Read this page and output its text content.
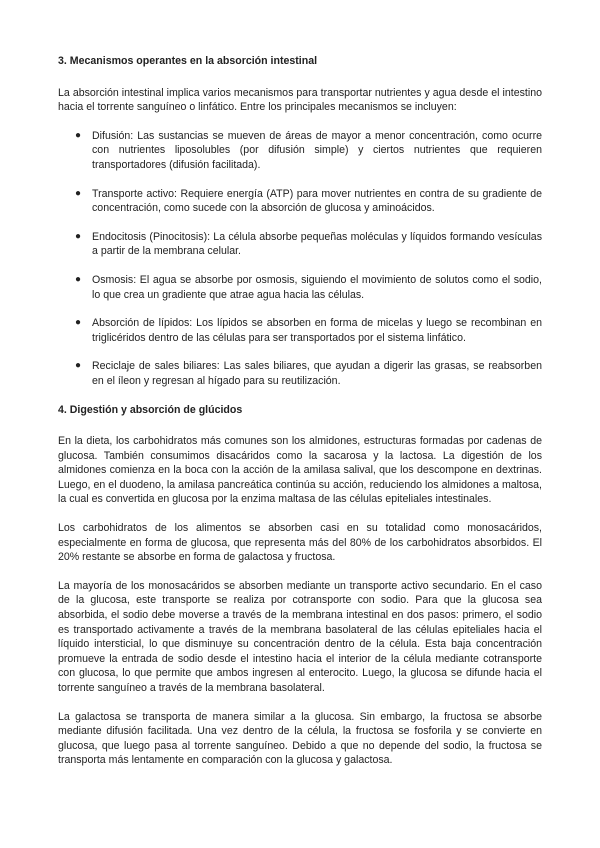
3. Mecanismos operantes en la absorción intestinal

La absorción intestinal implica varios mecanismos para transportar nutrientes y agua desde el intestino hacia el torrente sanguíneo o linfático. Entre los principales mecanismos se incluyen:

● Difusión: Las sustancias se mueven de áreas de mayor a menor concentración, como ocurre con nutrientes liposolubles (por difusión simple) y ciertos nutrientes que requieren transportadores (difusión facilitada).
● Transporte activo: Requiere energía (ATP) para mover nutrientes en contra de su gradiente de concentración, como sucede con la absorción de glucosa y aminoácidos.
● Endocitosis (Pinocitosis): La célula absorbe pequeñas moléculas y líquidos formando vesículas a partir de la membrana celular.
● Osmosis: El agua se absorbe por osmosis, siguiendo el movimiento de solutos como el sodio, lo que crea un gradiente que atrae agua hacia las células.
● Absorción de lípidos: Los lípidos se absorben en forma de micelas y luego se recombinan en triglicéridos dentro de las células para ser transportados por el sistema linfático.
● Reciclaje de sales biliares: Las sales biliares, que ayudan a digerir las grasas, se reabsorben en el íleon y regresan al hígado para su reutilización.
4. Digestión y absorción de glúcidos

En la dieta, los carbohidratos más comunes son los almidones, estructuras formadas por cadenas de glucosa. También consumimos disacáridos como la sacarosa y la lactosa. La digestión de los almidones comienza en la boca con la acción de la amilasa salival, que los descompone en dextrinas. Luego, en el duodeno, la amilasa pancreática continúa su acción, reduciendo los almidones a maltosa, la cual es convertida en glucosa por la enzima maltasa de las células epiteliales intestinales.

Los carbohidratos de los alimentos se absorben casi en su totalidad como monosacáridos, especialmente en forma de glucosa, que representa más del 80% de los carbohidratos absorbidos. El 20% restante se absorbe en forma de galactosa y fructosa.

La mayoría de los monosacáridos se absorben mediante un transporte activo secundario. En el caso de la glucosa, este transporte se realiza por cotransporte con sodio. Para que la glucosa sea absorbida, el sodio debe moverse a través de la membrana intestinal en dos pasos: primero, el sodio es transportado activamente a través de la membrana basolateral de las células epiteliales hacia el líquido intersticial, lo que disminuye su concentración dentro de la célula. Esta baja concentración promueve la entrada de sodio desde el intestino hacia el interior de la célula mediante cotransporte con glucosa, lo que permite que ambos ingresen al enterocito. Luego, la glucosa se difunde hacia el torrente sanguíneo a través de la membrana basolateral.

La galactosa se transporta de manera similar a la glucosa. Sin embargo, la fructosa se absorbe mediante difusión facilitada. Una vez dentro de la célula, la fructosa se fosforila y se convierte en glucosa, que luego pasa al torrente sanguíneo. Debido a que no depende del sodio, la fructosa se transporta más lentamente en comparación con la glucosa y galactosa.
